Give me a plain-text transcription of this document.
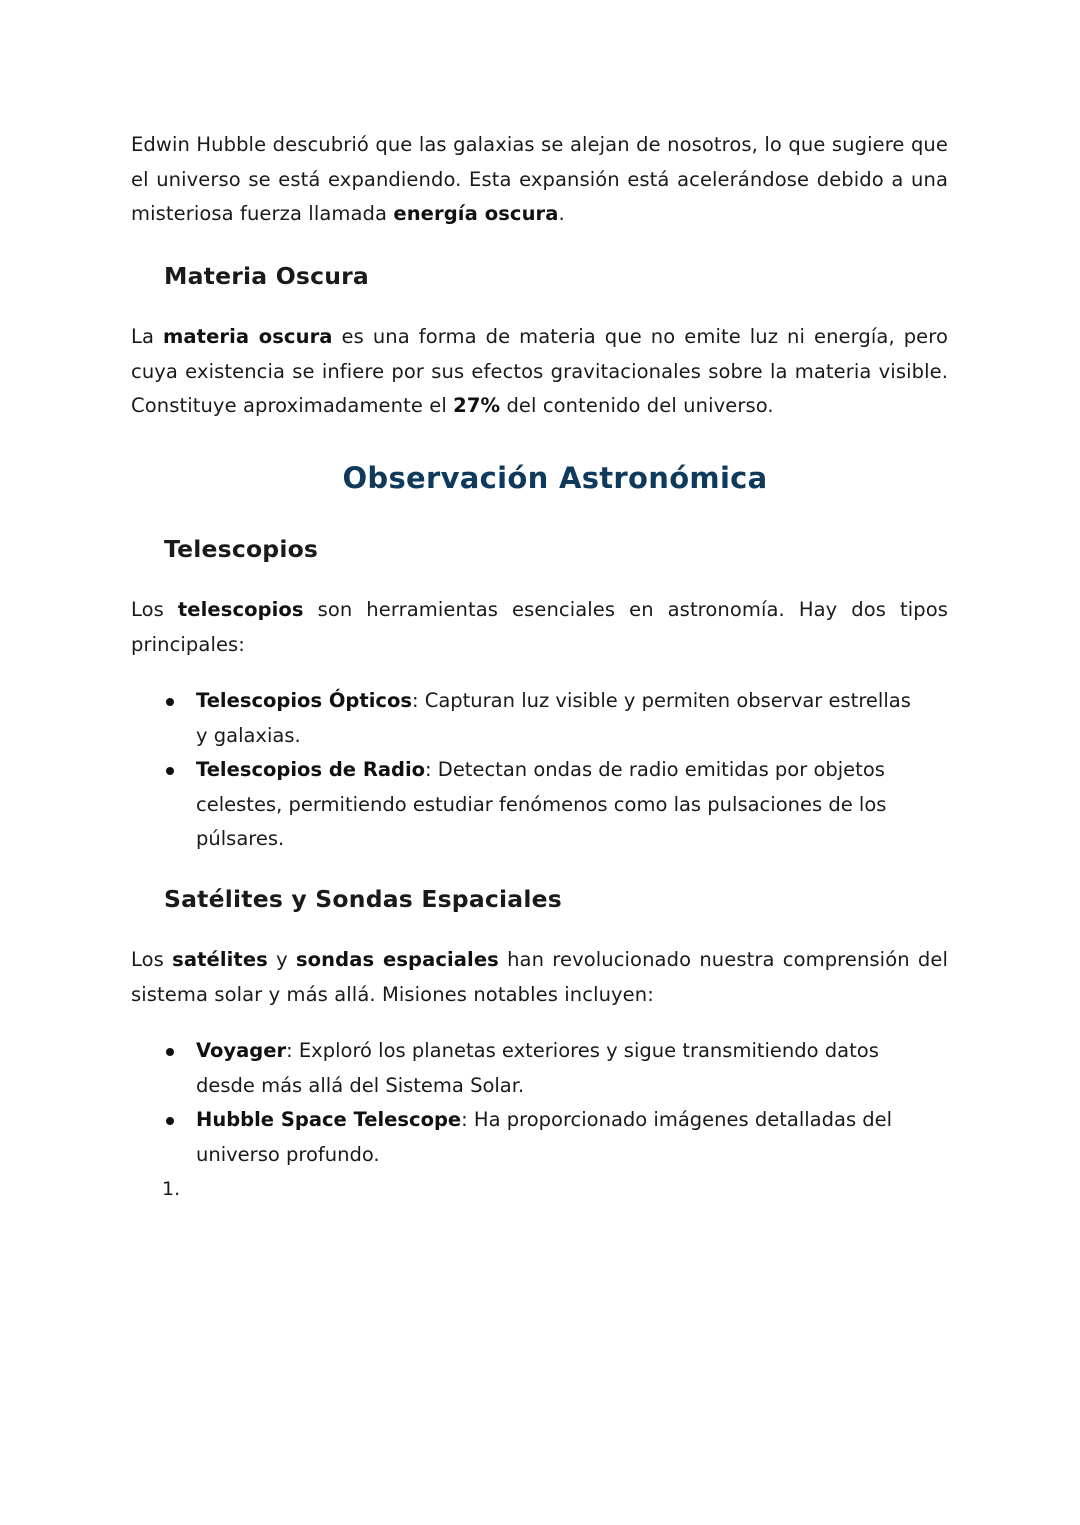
Edwin Hubble descubrió que las galaxias se alejan de nosotros, lo que sugiere que el universo se está expandiendo. Esta expansión está acelerándose debido a una misteriosa fuerza llamada energía oscura.

Materia Oscura

La materia oscura es una forma de materia que no emite luz ni energía, pero cuya existencia se infiere por sus efectos gravitacionales sobre la materia visible. Constituye aproximadamente el 27% del contenido del universo.

Observación Astronómica
Telescopios

Los telescopios son herramientas esenciales en astronomía. Hay dos tipos principales:

Telescopios Ópticos: Capturan luz visible y permiten observar estrellas y galaxias.
Telescopios de Radio: Detectan ondas de radio emitidas por objetos celestes, permitiendo estudiar fenómenos como las pulsaciones de los púlsares.
Satélites y Sondas Espaciales

Los satélites y sondas espaciales han revolucionado nuestra comprensión del sistema solar y más allá. Misiones notables incluyen:

Voyager: Exploró los planetas exteriores y sigue transmitiendo datos desde más allá del Sistema Solar.
Hubble Space Telescope: Ha proporcionado imágenes detalladas del universo profundo.

1.
